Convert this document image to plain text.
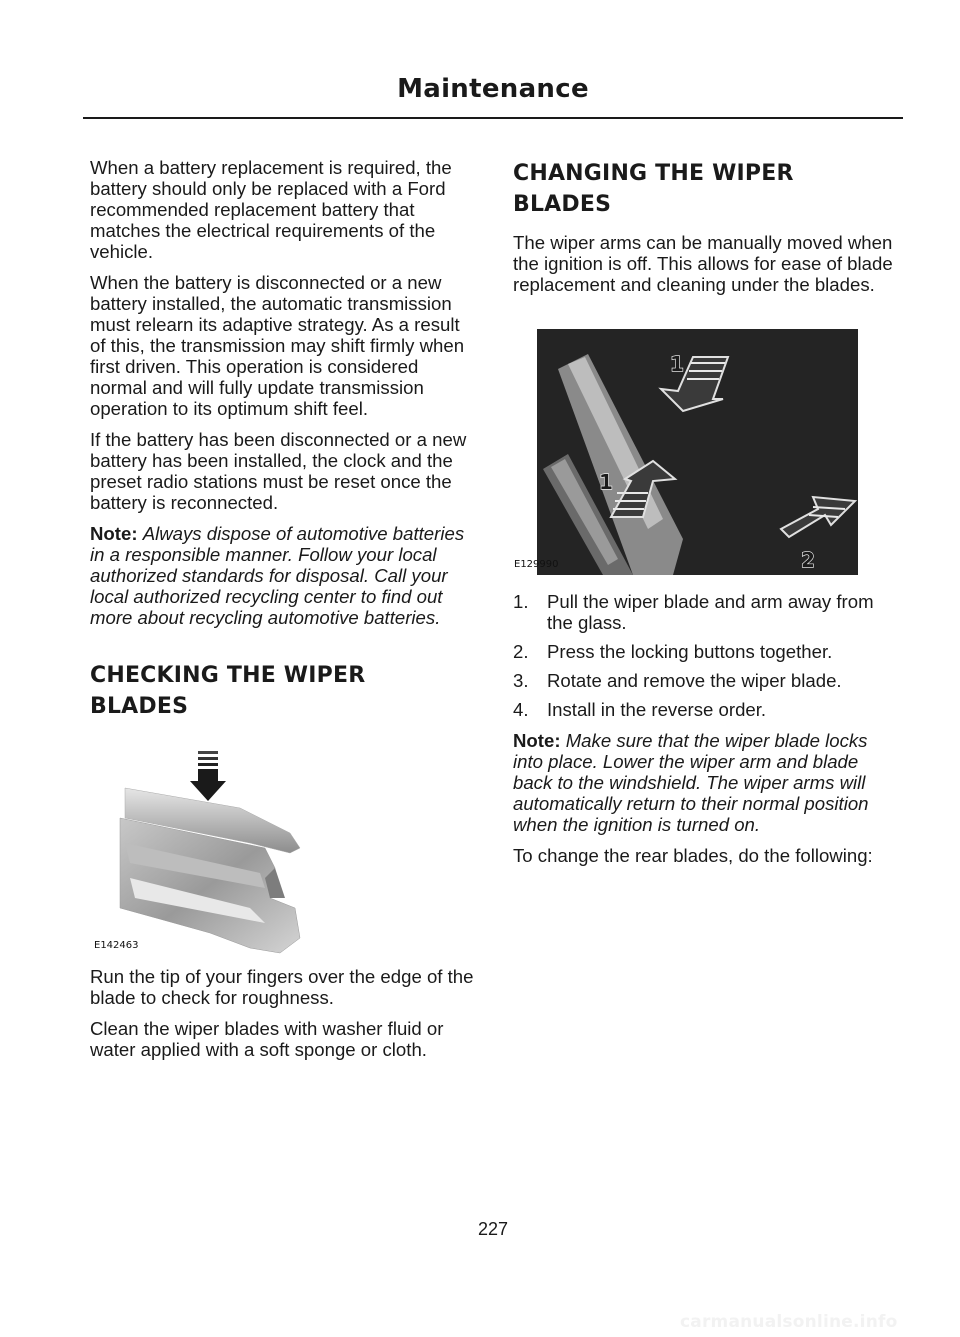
Maintenance

When a battery replacement is required, the battery should only be replaced with a Ford recommended replacement battery that matches the electrical requirements of the vehicle.

When the battery is disconnected or a new battery installed, the automatic transmission must relearn its adaptive strategy. As a result of this, the transmission may shift firmly when first driven. This operation is considered normal and will fully update transmission operation to its optimum shift feel.

If the battery has been disconnected or a new battery has been installed, the clock and the preset radio stations must be reset once the battery is reconnected.

Note: Always dispose of automotive batteries in a responsible manner. Follow your local authorized standards for disposal. Call your local authorized recycling center to find out more about recycling automotive batteries.

CHECKING THE WIPER
BLADES
E142463

Run the tip of your fingers over the edge of the blade to check for roughness.

Clean the wiper blades with washer fluid or water applied with a soft sponge or cloth.

CHANGING THE WIPER
BLADES

The wiper arms can be manually moved when the ignition is off. This allows for ease of blade replacement and cleaning under the blades.

1
1
2
E129990
1. Pull the wiper blade and arm away from the glass.
2. Press the locking buttons together.
3. Rotate and remove the wiper blade.
4. Install in the reverse order.

Note: Make sure that the wiper blade locks into place. Lower the wiper arm and blade back to the windshield. The wiper arms will automatically return to their normal position when the ignition is turned on.

To change the rear blades, do the following:

227
carmanualsonline.info
